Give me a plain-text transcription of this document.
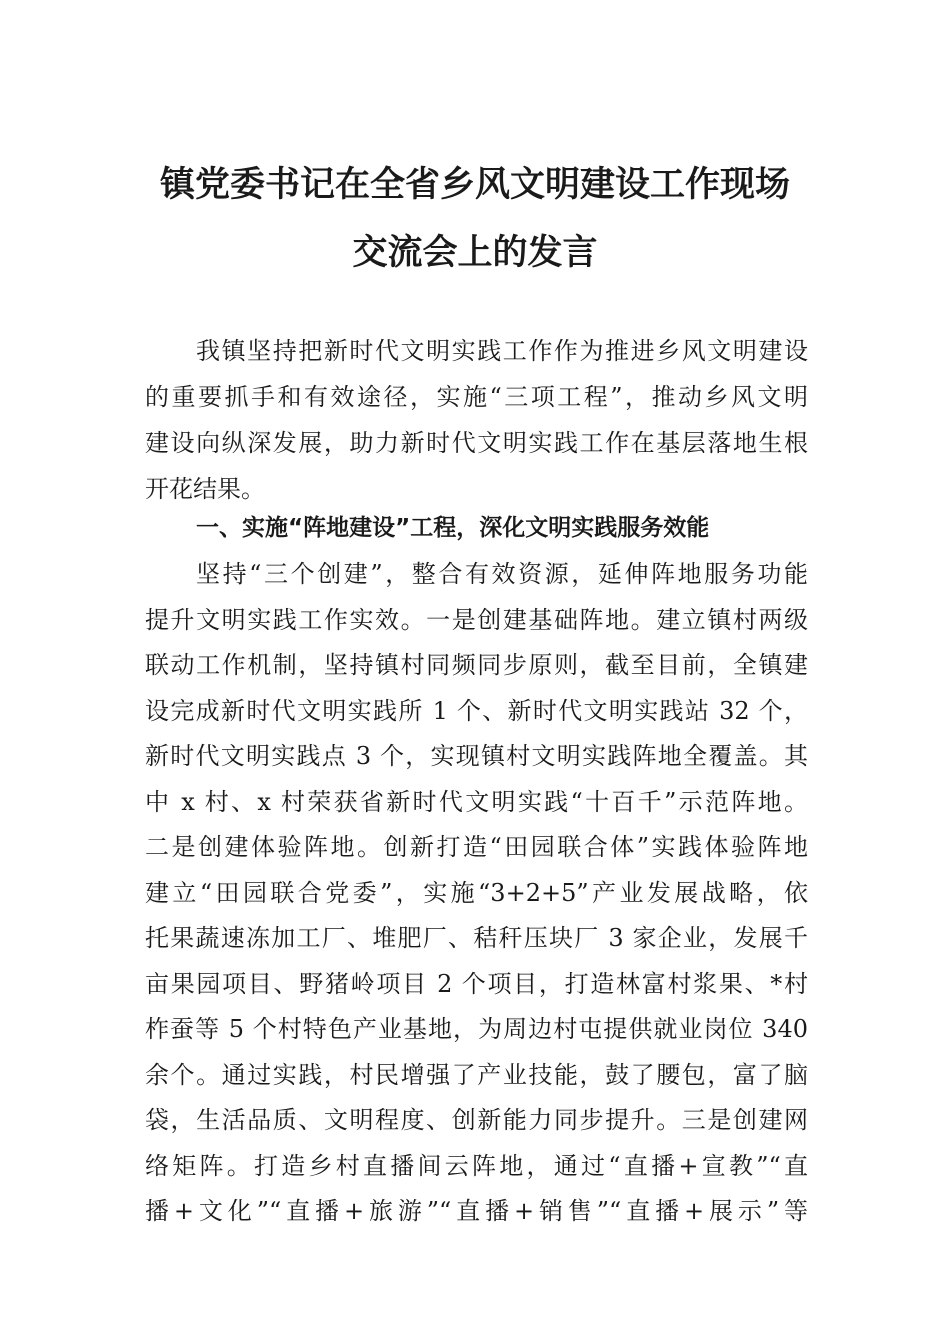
镇党委书记在全省乡风文明建设工作现场
交流会上的发言
我镇坚持把新时代文明实践工作作为推进乡风文明建设
的重要抓手和有效途径，实施“三项工程”，推动乡风文明
建设向纵深发展，助力新时代文明实践工作在基层落地生根
开花结果。
一、实施“阵地建设”工程，深化文明实践服务效能
坚持“三个创建”，整合有效资源，延伸阵地服务功能
提升文明实践工作实效。一是创建基础阵地。建立镇村两级
联动工作机制，坚持镇村同频同步原则，截至目前，全镇建
设完成新时代文明实践所 1 个、新时代文明实践站 32 个，
新时代文明实践点 3 个，实现镇村文明实践阵地全覆盖。其
中 x 村、x 村荣获省新时代文明实践“十百千”示范阵地。
二是创建体验阵地。创新打造“田园联合体”实践体验阵地
建立“田园联合党委”，实施“3+2+5”产业发展战略，依
托果蔬速冻加工厂、堆肥厂、秸秆压块厂 3 家企业，发展千
亩果园项目、野猪岭项目 2 个项目，打造林富村浆果、*村
柞蚕等 5 个村特色产业基地，为周边村屯提供就业岗位 340
余个。通过实践，村民增强了产业技能，鼓了腰包，富了脑
袋，生活品质、文明程度、创新能力同步提升。三是创建网
络矩阵。打造乡村直播间云阵地，通过“直播+宣教”“直
播+文化”“直播+旅游”“直播+销售”“直播+展示”等
